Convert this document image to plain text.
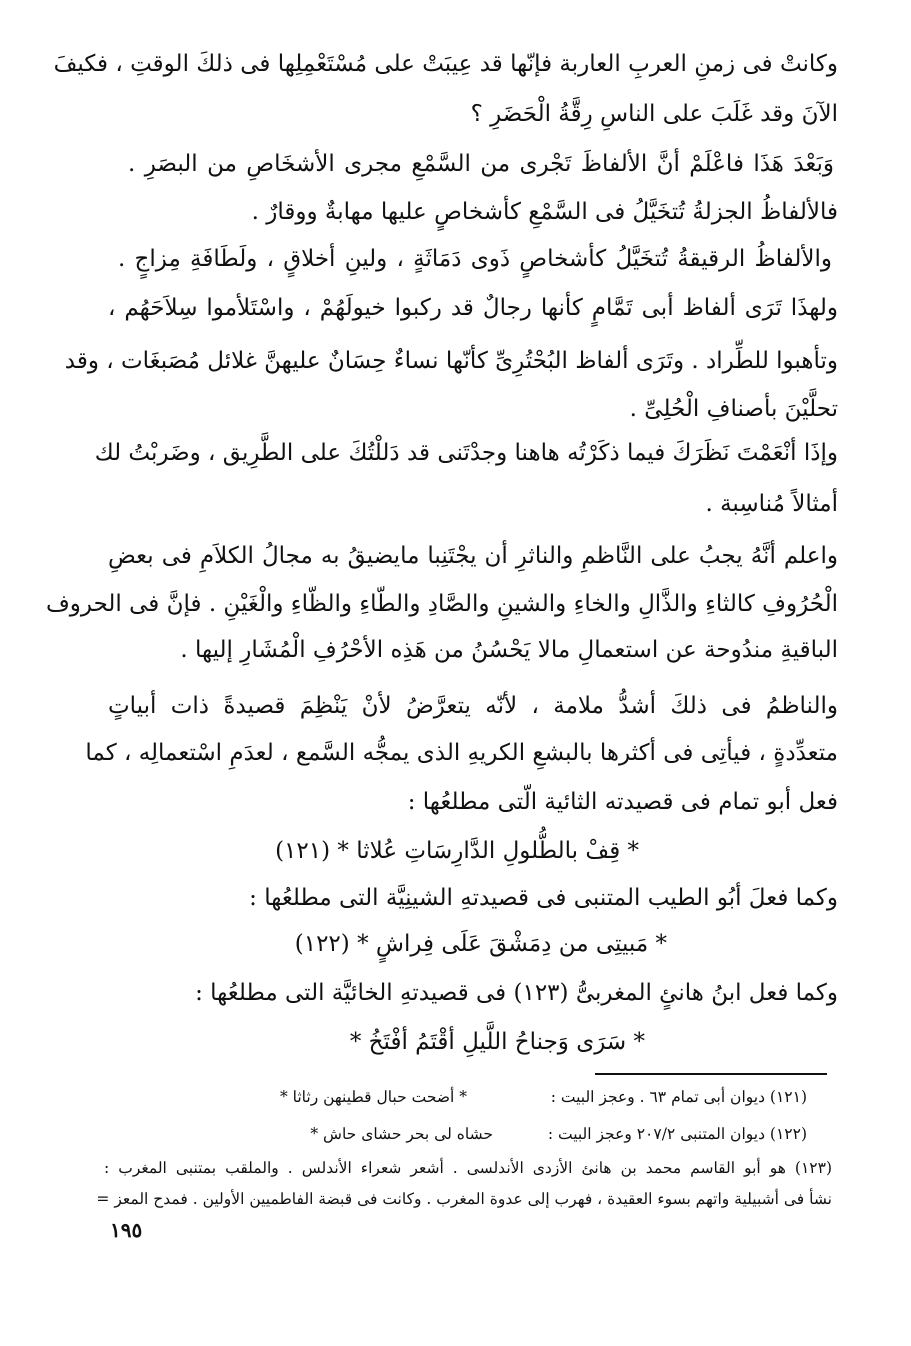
وكانتْ فى زمنِ العربِ العاربة فإنّها قد عِيبَتْ على مُسْتَعْمِلِها فى ذلكَ الوقتِ ، فكيفَ
الآنَ وقد غَلَبَ على الناسِ رِقَّةُ الْحَضَرِ ؟
وَبَعْدَ هَذَا فاعْلَمْ أنَّ الألفاظَ تَجْرى من السَّمْعِ مجرى الأشخَاصِ من البصَرِ .
فالألفاظُ الجزلةُ تُتخَيَّلُ فى السَّمْعِ كأشخاصٍ عليها مهابةٌ ووقارٌ .
والألفاظُ الرقيقةُ تُتخَيَّلُ كأشخاصٍ ذَوى دَمَاثَةٍ ، ولينِ أخلاقٍ ، ولَطَافَةِ مِزاجٍ .
ولهذَا تَرَى ألفاظ أبى تَمَّامٍ كأنها رجالٌ قد ركبوا خيولَهُمْ ، واسْتَلأموا سِلاَحَهُم ،
وتأهبوا للطِّراد . وتَرَى ألفاظ البُحْتُرِىِّ كأنّها نساءٌ حِسَانٌ عليهنَّ غلائل مُصَبغَات ، وقد
تحلَّيْنَ بأصنافِ الْحُلِىِّ .
وإذَا أنْعَمْتَ نَظَرَكَ فيما ذكَرْتُه هاهنا وجدْتَنى قد دَللْتُكَ على الطَّرِيق ، وضَربْتُ لك
أمثالاً مُناسِبة .
واعلم أنَّهُ يجبُ على النَّاظمِ والناثرِ أن يجْتَنِبا مايضيقُ به مجالُ الكلاَمِ فى بعضِ
الْحُرُوفِ كالثاءِ والذَّالِ والخاءِ والشينِ والصَّادِ والطّاءِ والظّاءِ والْغَيْنِ . فإنَّ فى الحروف
الباقيةِ مندُوحة عن استعمالِ مالا يَحْسُنُ من هَذِه الأحْرُفِ الْمُشَارِ إليها .
والناظمُ فى ذلكَ أشدُّ ملامة ، لأنّه يتعرَّضُ لأنْ يَنْظِمَ قصيدةً ذات أبياتٍ
متعدِّدةٍ ، فيأتِى فى أكثرها بالبشعِ الكريهِ الذى يمجُّه السَّمع ، لعدَمِ اسْتعمالِه ، كما
فعل أبو تمام فى قصيدته الثائية الّتى مطلعُها :
* قِفْ بالطُّلولِ الدَّارِسَاتِ عُلاثا * (١٢١)
وكما فعلَ أبُو الطيب المتنبى فى قصيدتهِ الشينِيَّة التى مطلعُها :
* مَبيتِى من دِمَشْقَ عَلَى فِراشٍ * (١٢٢)
وكما فعل ابنُ هانئٍ المغربىُّ (١٢٣) فى قصيدتهِ الخائيَّة التى مطلعُها :
* سَرَى وَجناحُ اللَّيلِ أقْتَمُ أفْتَخُ *
(١٢١) ديوان أبى تمام ٦٣ . وعجز البيت :
* أضحت حبال قطينهن رثاثا *
(١٢٢) ديوان المتنبى ٢٠٧/٢ وعجز البيت :
حشاه لى بحر حشاى حاش *
(١٢٣) هو أبو القاسم محمد بن هانئ الأزدى الأندلسى . أشعر شعراء الأندلس . والملقب بمتنبى المغرب :
نشأ فى أشبيلية واتهم بسوء العقيدة ، فهرب إلى عدوة المغرب . وكانت فى قبضة الفاطميين الأولين . فمدح المعز =
١٩٥
